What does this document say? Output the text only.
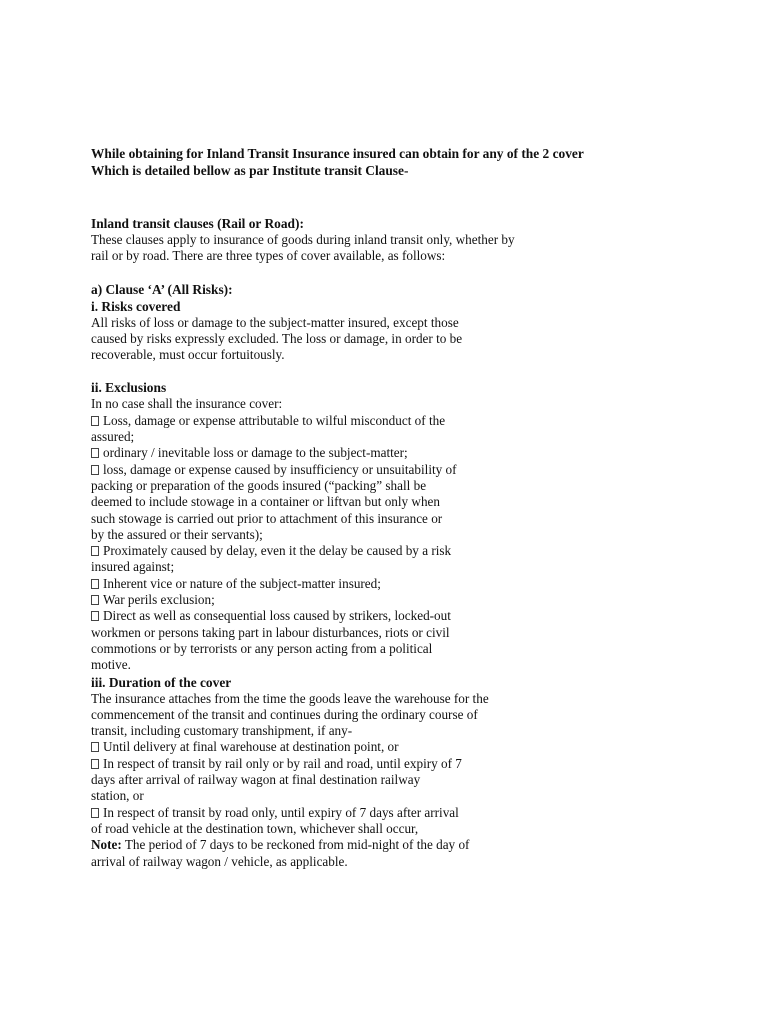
While obtaining for Inland Transit Insurance insured can obtain for any of the 2 cover
Which is detailed bellow as par Institute transit Clause-
Inland transit clauses (Rail or Road):
These clauses apply to insurance of goods during inland transit only, whether by
rail or by road. There are three types of cover available, as follows:
a) Clause ‘A’ (All Risks):
i. Risks covered
All risks of loss or damage to the subject-matter insured, except those
caused by risks expressly excluded. The loss or damage, in order to be
recoverable, must occur fortuitously.
ii. Exclusions
In no case shall the insurance cover:
Loss, damage or expense attributable to wilful misconduct of the
assured;
ordinary / inevitable loss or damage to the subject-matter;
loss, damage or expense caused by insufficiency or unsuitability of
packing or preparation of the goods insured (“packing” shall be
deemed to include stowage in a container or liftvan but only when
such stowage is carried out prior to attachment of this insurance or
by the assured or their servants);
Proximately caused by delay, even it the delay be caused by a risk
insured against;
Inherent vice or nature of the subject-matter insured;
War perils exclusion;
Direct as well as consequential loss caused by strikers, locked-out
workmen or persons taking part in labour disturbances, riots or civil
commotions or by terrorists or any person acting from a political
motive.
iii. Duration of the cover
The insurance attaches from the time the goods leave the warehouse for the
commencement of the transit and continues during the ordinary course of
transit, including customary transhipment, if any-
Until delivery at final warehouse at destination point, or
In respect of transit by rail only or by rail and road, until expiry of 7
days after arrival of railway wagon at final destination railway
station, or
In respect of transit by road only, until expiry of 7 days after arrival
of road vehicle at the destination town, whichever shall occur,
Note: The period of 7 days to be reckoned from mid-night of the day of
arrival of railway wagon / vehicle, as applicable.
